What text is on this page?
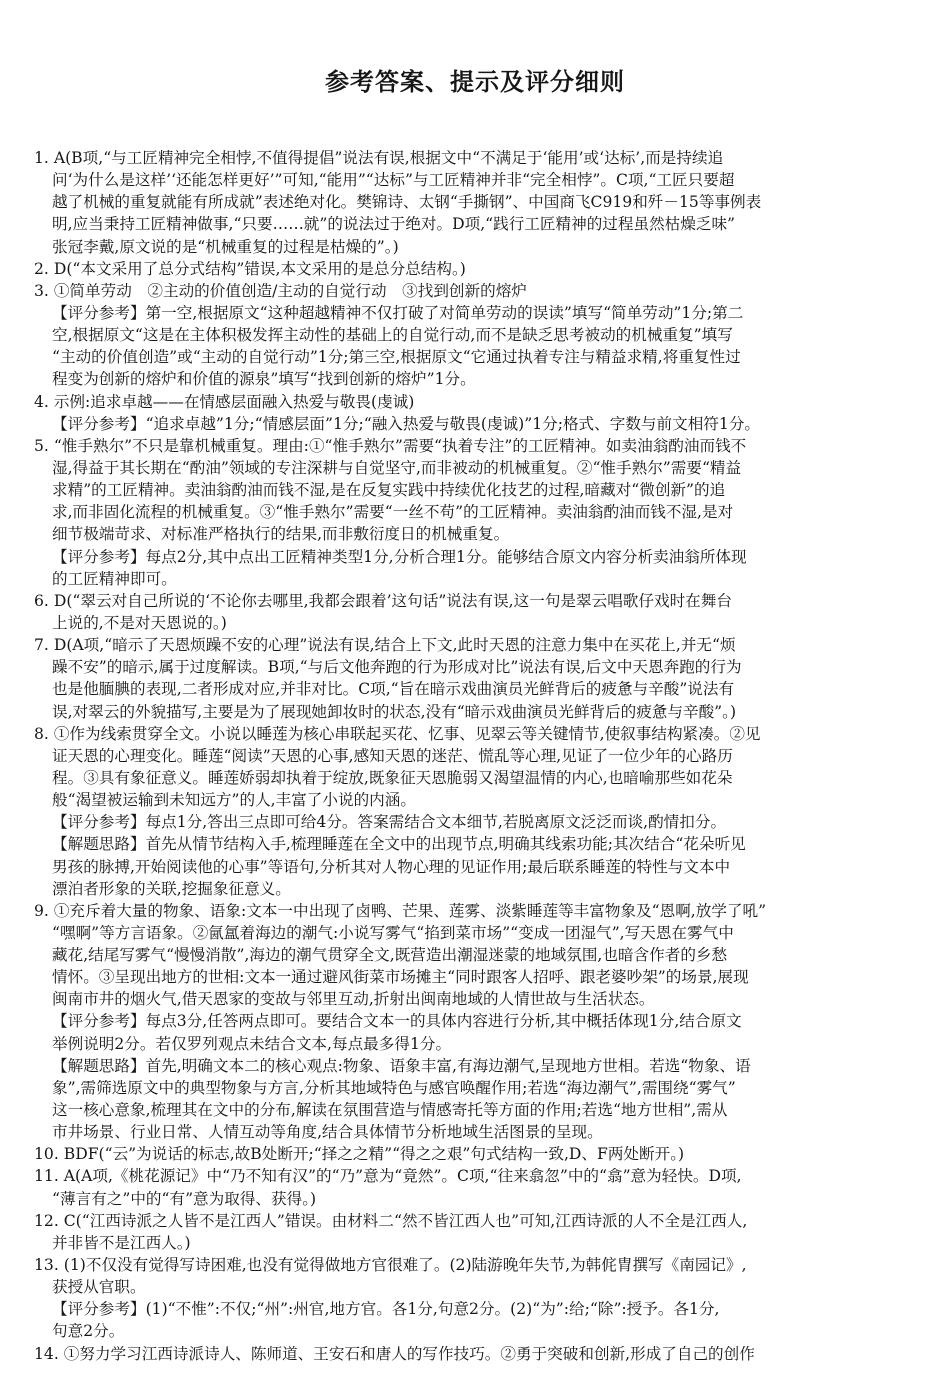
参考答案、提示及评分细则
1. A(B项,“与工匠精神完全相悖,不值得提倡”说法有误,根据文中“不满足于‘能用’或‘达标’,而是持续追
问‘为什么是这样’‘还能怎样更好’”可知,“能用”“达标”与工匠精神并非“完全相悖”。C项,“工匠只要超
越了机械的重复就能有所成就”表述绝对化。樊锦诗、太钢“手撕钢”、中国商飞C919和歼－15等事例表
明,应当秉持工匠精神做事,“只要……就”的说法过于绝对。D项,“践行工匠精神的过程虽然枯燥乏味”
张冠李戴,原文说的是“机械重复的过程是枯燥的”。)
2. D(“本文采用了总分式结构”错误,本文采用的是总分总结构。)
3. ①简单劳动　②主动的价值创造/主动的自觉行动　③找到创新的熔炉
【评分参考】第一空,根据原文“这种超越精神不仅打破了对简单劳动的误读”填写“简单劳动”1分;第二
空,根据原文“这是在主体积极发挥主动性的基础上的自觉行动,而不是缺乏思考被动的机械重复”填写
“主动的价值创造”或“主动的自觉行动”1分;第三空,根据原文“它通过执着专注与精益求精,将重复性过
程变为创新的熔炉和价值的源泉”填写“找到创新的熔炉”1分。
4. 示例:追求卓越——在情感层面融入热爱与敬畏(虔诚)
【评分参考】“追求卓越”1分;“情感层面”1分;“融入热爱与敬畏(虔诚)”1分;格式、字数与前文相符1分。
5. “惟手熟尔”不只是靠机械重复。理由:①“惟手熟尔”需要“执着专注”的工匠精神。如卖油翁酌油而钱不
湿,得益于其长期在“酌油”领域的专注深耕与自觉坚守,而非被动的机械重复。②“惟手熟尔”需要“精益
求精”的工匠精神。卖油翁酌油而钱不湿,是在反复实践中持续优化技艺的过程,暗藏对“微创新”的追
求,而非固化流程的机械重复。③“惟手熟尔”需要“一丝不苟”的工匠精神。卖油翁酌油而钱不湿,是对
细节极端苛求、对标准严格执行的结果,而非敷衍度日的机械重复。
【评分参考】每点2分,其中点出工匠精神类型1分,分析合理1分。能够结合原文内容分析卖油翁所体现
的工匠精神即可。
6. D(“翠云对自己所说的‘不论你去哪里,我都会跟着’这句话”说法有误,这一句是翠云唱歌仔戏时在舞台
上说的,不是对天恩说的。)
7. D(A项,“暗示了天恩烦躁不安的心理”说法有误,结合上下文,此时天恩的注意力集中在买花上,并无“烦
躁不安”的暗示,属于过度解读。B项,“与后文他奔跑的行为形成对比”说法有误,后文中天恩奔跑的行为
也是他腼腆的表现,二者形成对应,并非对比。C项,“旨在暗示戏曲演员光鲜背后的疲惫与辛酸”说法有
误,对翠云的外貌描写,主要是为了展现她卸妆时的状态,没有“暗示戏曲演员光鲜背后的疲惫与辛酸”。)
8. ①作为线索贯穿全文。小说以睡莲为核心串联起买花、忆事、见翠云等关键情节,使叙事结构紧凑。②见
证天恩的心理变化。睡莲“阅读”天恩的心事,感知天恩的迷茫、慌乱等心理,见证了一位少年的心路历
程。③具有象征意义。睡莲娇弱却执着于绽放,既象征天恩脆弱又渴望温情的内心,也暗喻那些如花朵
般“渴望被运输到未知远方”的人,丰富了小说的内涵。
【评分参考】每点1分,答出三点即可给4分。答案需结合文本细节,若脱离原文泛泛而谈,酌情扣分。
【解题思路】首先从情节结构入手,梳理睡莲在全文中的出现节点,明确其线索功能;其次结合“花朵听见
男孩的脉搏,开始阅读他的心事”等语句,分析其对人物心理的见证作用;最后联系睡莲的特性与文本中
漂泊者形象的关联,挖掘象征意义。
9. ①充斥着大量的物象、语象:文本一中出现了卤鸭、芒果、莲雾、淡紫睡莲等丰富物象及“恩啊,放学了吼”
“嘿啊”等方言语象。②氤氲着海边的潮气:小说写雾气“掐到菜市场”“变成一团湿气”,写天恩在雾气中
藏花,结尾写雾气“慢慢消散”,海边的潮气贯穿全文,既营造出潮湿迷蒙的地域氛围,也暗含作者的乡愁
情怀。③呈现出地方的世相:文本一通过避风街菜市场摊主“同时跟客人招呼、跟老婆吵架”的场景,展现
闽南市井的烟火气,借天恩家的变故与邻里互动,折射出闽南地域的人情世故与生活状态。
【评分参考】每点3分,任答两点即可。要结合文本一的具体内容进行分析,其中概括体现1分,结合原文
举例说明2分。若仅罗列观点未结合文本,每点最多得1分。
【解题思路】首先,明确文本二的核心观点:物象、语象丰富,有海边潮气,呈现地方世相。若选“物象、语
象”,需筛选原文中的典型物象与方言,分析其地域特色与感官唤醒作用;若选“海边潮气”,需围绕“雾气”
这一核心意象,梳理其在文中的分布,解读在氛围营造与情感寄托等方面的作用;若选“地方世相”,需从
市井场景、行业日常、人情互动等角度,结合具体情节分析地域生活图景的呈现。
10. BDF(“云”为说话的标志,故B处断开;“择之之精”“得之之艰”句式结构一致,D、F两处断开。)
11. A(A项,《桃花源记》中“乃不知有汉”的“乃”意为“竟然”。C项,“往来翕忽”中的“翕”意为轻快。D项,
“薄言有之”中的“有”意为取得、获得。)
12. C(“江西诗派之人皆不是江西人”错误。由材料二“然不皆江西人也”可知,江西诗派的人不全是江西人,
并非皆不是江西人。)
13. (1)不仅没有觉得写诗困难,也没有觉得做地方官很难了。(2)陆游晚年失节,为韩侂胄撰写《南园记》,
获授从官职。
【评分参考】(1)“不惟”:不仅;“州”:州官,地方官。各1分,句意2分。(2)“为”:给;“除”:授予。各1分,
句意2分。
14. ①努力学习江西诗派诗人、陈师道、王安石和唐人的写作技巧。②勇于突破和创新,形成了自己的创作
